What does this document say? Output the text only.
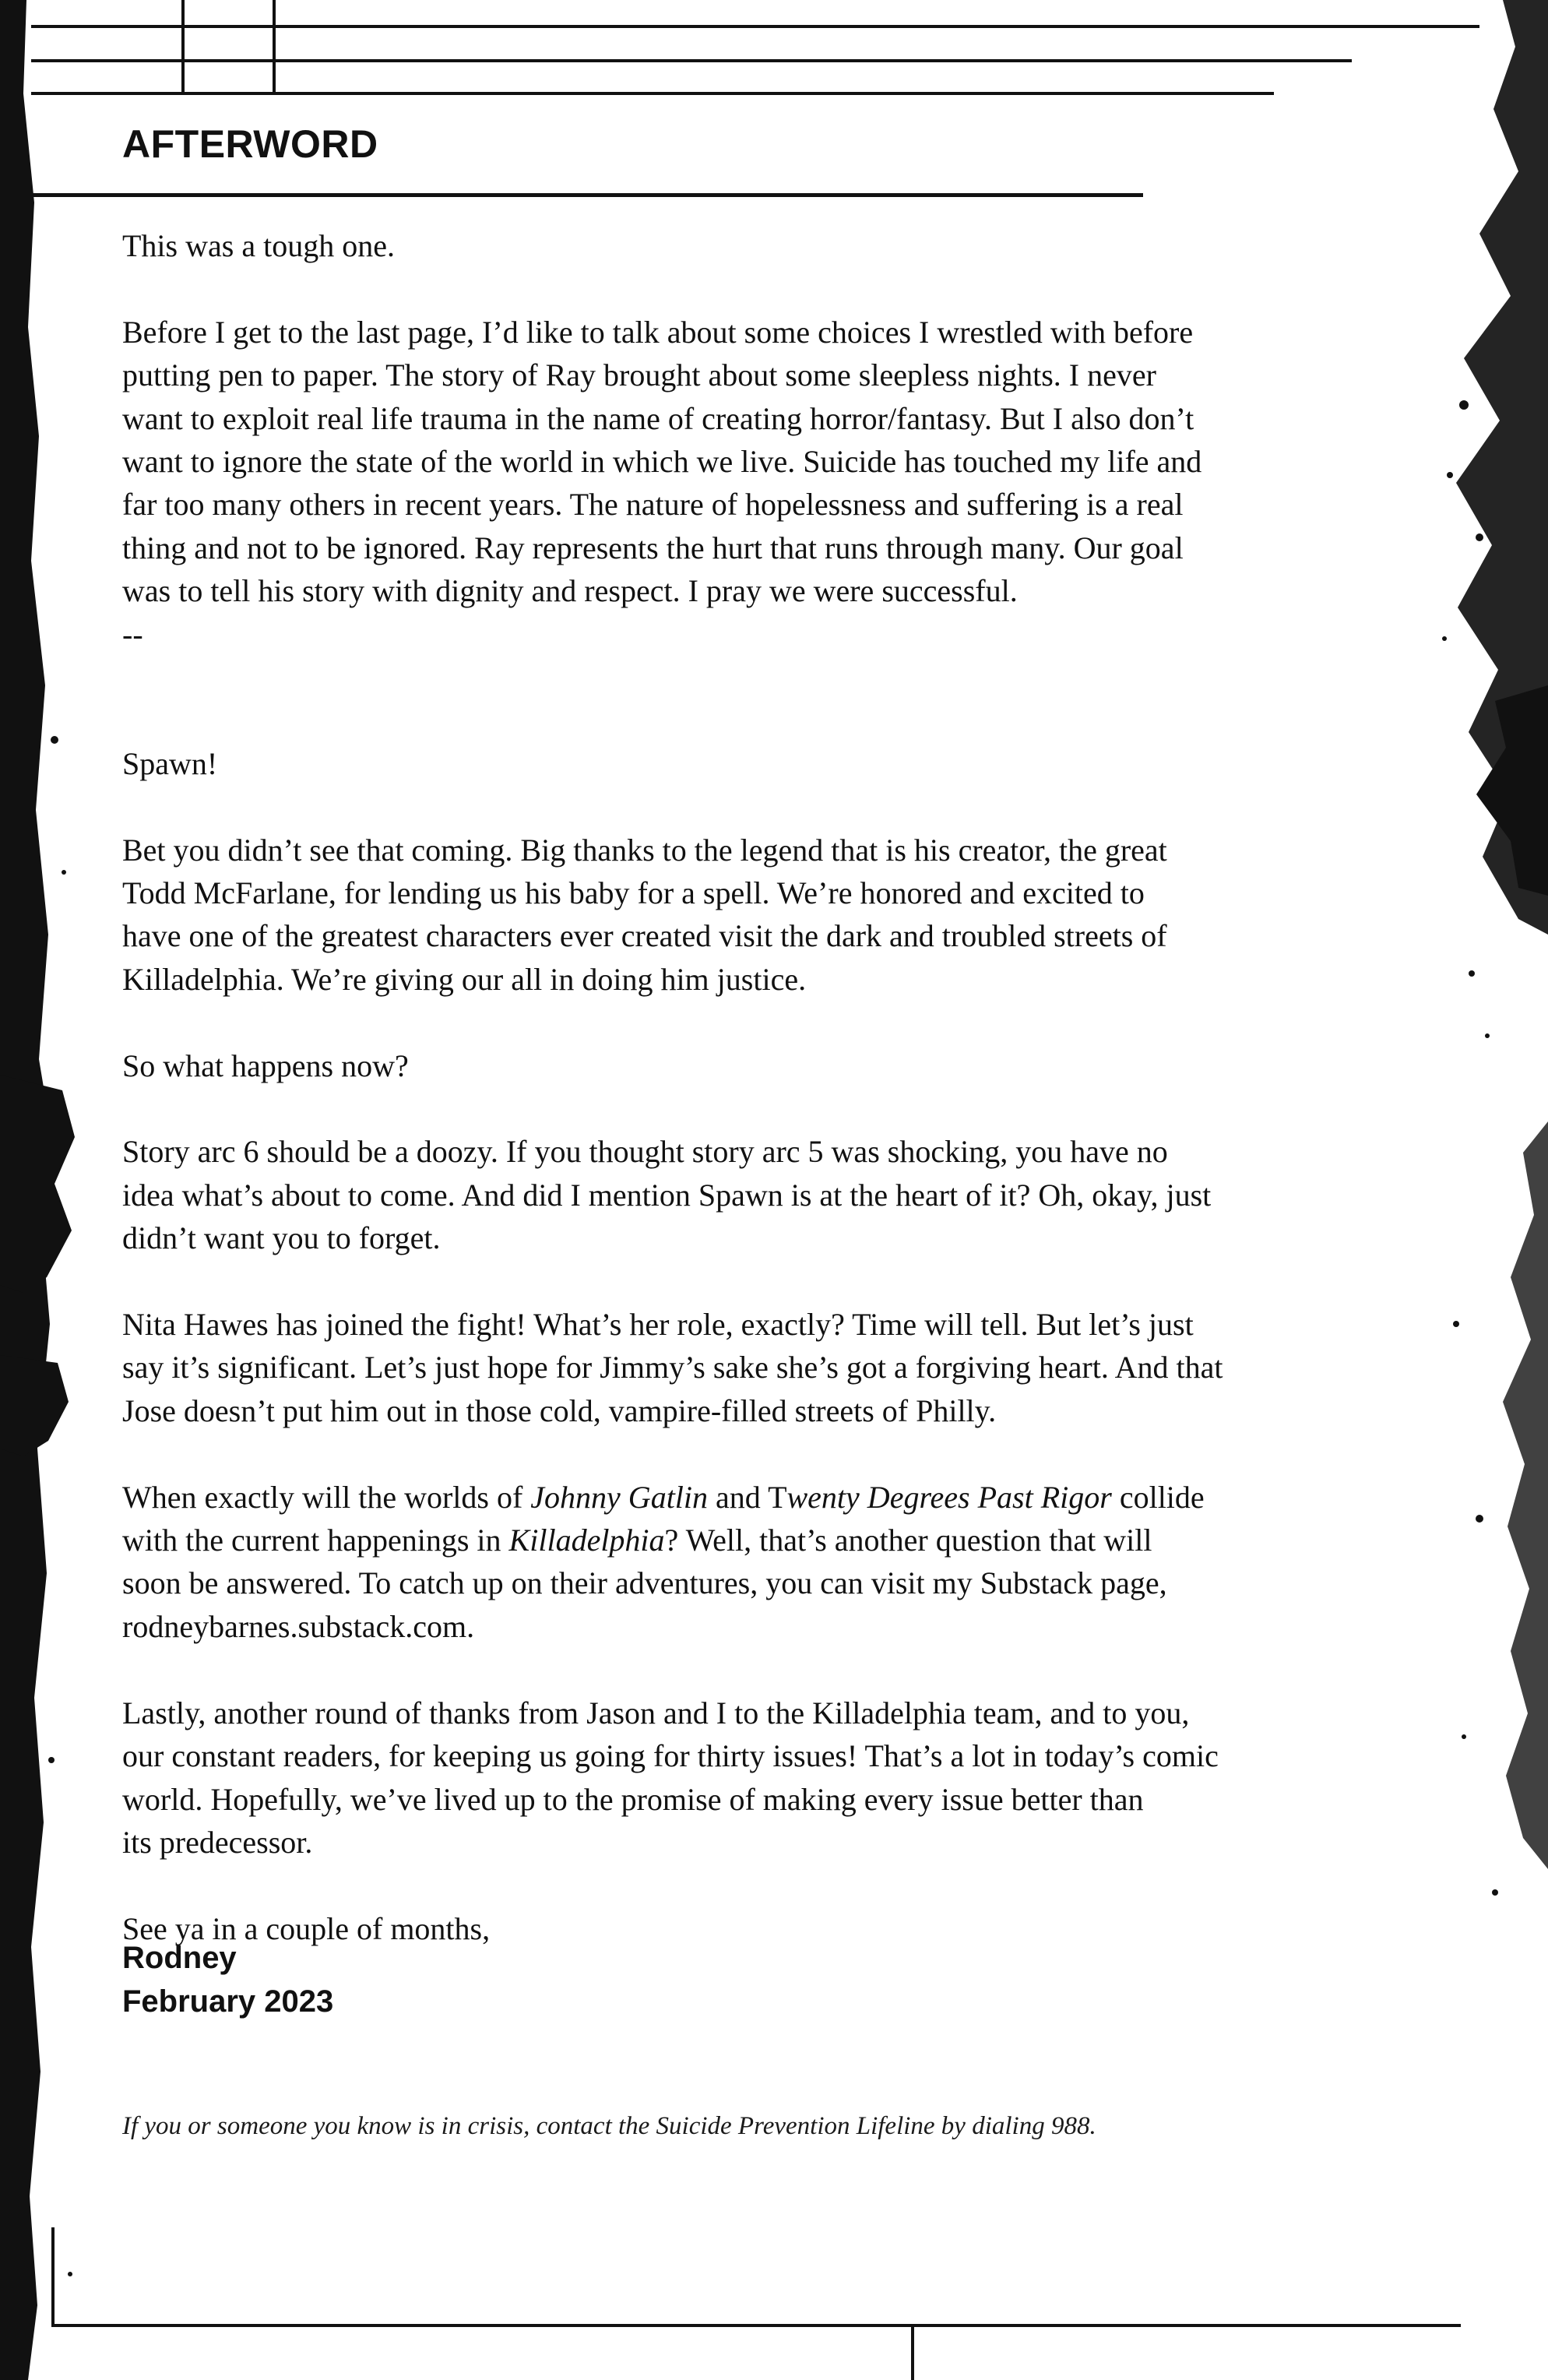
AFTERWORD

This was a tough one.

Before I get to the last page, I’d like to talk about some choices I wrestled with before
putting pen to paper. The story of Ray brought about some sleepless nights. I never
want to exploit real life trauma in the name of creating horror/fantasy. But I also don’t
want to ignore the state of the world in which we live. Suicide has touched my life and
far too many others in recent years. The nature of hopelessness and suffering is a real
thing and not to be ignored. Ray represents the hurt that runs through many. Our goal
was to tell his story with dignity and respect. I pray we were successful.
--

Spawn!

Bet you didn’t see that coming. Big thanks to the legend that is his creator, the great
Todd McFarlane, for lending us his baby for a spell. We’re honored and excited to
have one of the greatest characters ever created visit the dark and troubled streets of
Killadelphia. We’re giving our all in doing him justice.

So what happens now?

Story arc 6 should be a doozy. If you thought story arc 5 was shocking, you have no
idea what’s about to come. And did I mention Spawn is at the heart of it? Oh, okay, just
didn’t want you to forget.

Nita Hawes has joined the fight! What’s her role, exactly? Time will tell. But let’s just
say it’s significant. Let’s just hope for Jimmy’s sake she’s got a forgiving heart. And that
Jose doesn’t put him out in those cold, vampire-filled streets of Philly.

When exactly will the worlds of Johnny Gatlin and Twenty Degrees Past Rigor collide
with the current happenings in Killadelphia? Well, that’s another question that will
soon be answered. To catch up on their adventures, you can visit my Substack page,
rodneybarnes.substack.com.

Lastly, another round of thanks from Jason and I to the Killadelphia team, and to you,
our constant readers, for keeping us going for thirty issues! That’s a lot in today’s comic
world. Hopefully, we’ve lived up to the promise of making every issue better than
its predecessor.

See ya in a couple of months,

Rodney
February 2023
If you or someone you know is in crisis, contact the Suicide Prevention Lifeline by dialing 988.
